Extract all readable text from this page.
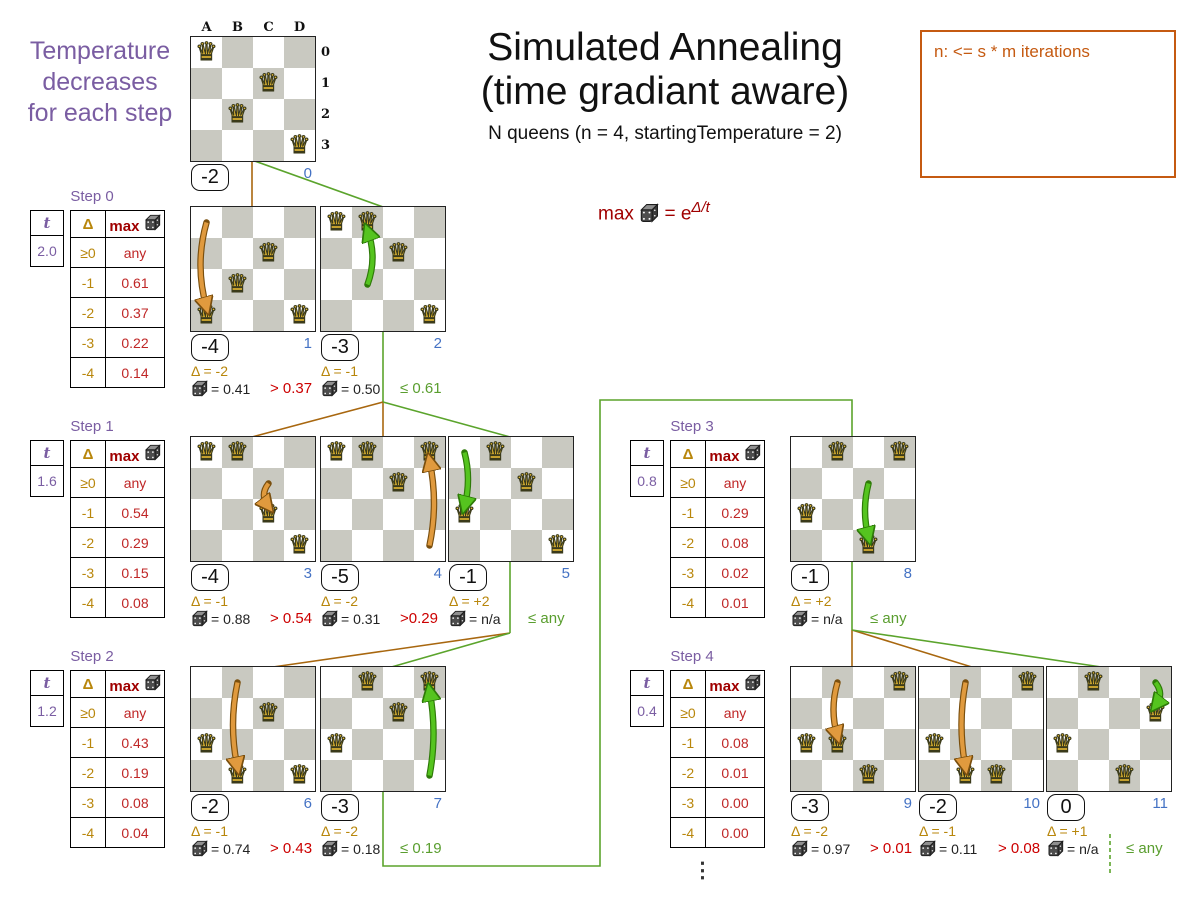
Temperature
decreases
for each step
Simulated Annealing
(time gradiant aware)
N queens (n = 4, startingTemperature = 2)
n: <= s * m iterations
$\max = e^{\Delta/t}$
Step 0
t
2.0
Δ	max
≥0	any
-1	0.61
-2	0.37
-3	0.22
-4	0.14
Step 1
t
1.6
Δ	max
≥0	any
-1	0.54
-2	0.29
-3	0.15
-4	0.08
Step 2
t
1.2
Δ	max
≥0	any
-1	0.43
-2	0.19
-3	0.08
-4	0.04
Step 3
t
0.8
Δ	max
≥0	any
-1	0.29
-2	0.08
-3	0.02
-4	0.01
Step 4
t
0.4
Δ	max
≥0	any
-1	0.08
-2	0.01
-3	0.00
-4	0.00
♛
♛
♛
♛
A	B	C	D
0
1
2
3
-2	0
♛
♛
♛	♛
-4	1
Δ = -2
= 0.41 > 0.37
♛ ♛
♛
♛
-3	2
Δ = -1
= 0.50 ≤ 0.61
♛ ♛
♛
♛
-4	3
Δ = -1
= 0.88 > 0.54
♛ ♛ ♛
♛
-5	4
Δ = -2
= 0.31 >0.29
♛
♛
♛
♛
-1	5
Δ = +2
= n/a ≤ any
♛
♛
♛ ♛
-2	6
Δ = -1
= 0.74 > 0.43
♛ ♛
♛
♛
-3	7
Δ = -2
= 0.18 ≤ 0.19
♛ ♛
♛
♛
-1	8
Δ = +2
= n/a ≤ any
♛
♛ ♛
♛
-3	9
Δ = -2
= 0.97 > 0.01
♛
♛
♛ ♛
-2	10
Δ = -1
= 0.11 > 0.08
♛
♛
♛
♛
0	11
Δ = +1
= n/a ≤ any
⋮
